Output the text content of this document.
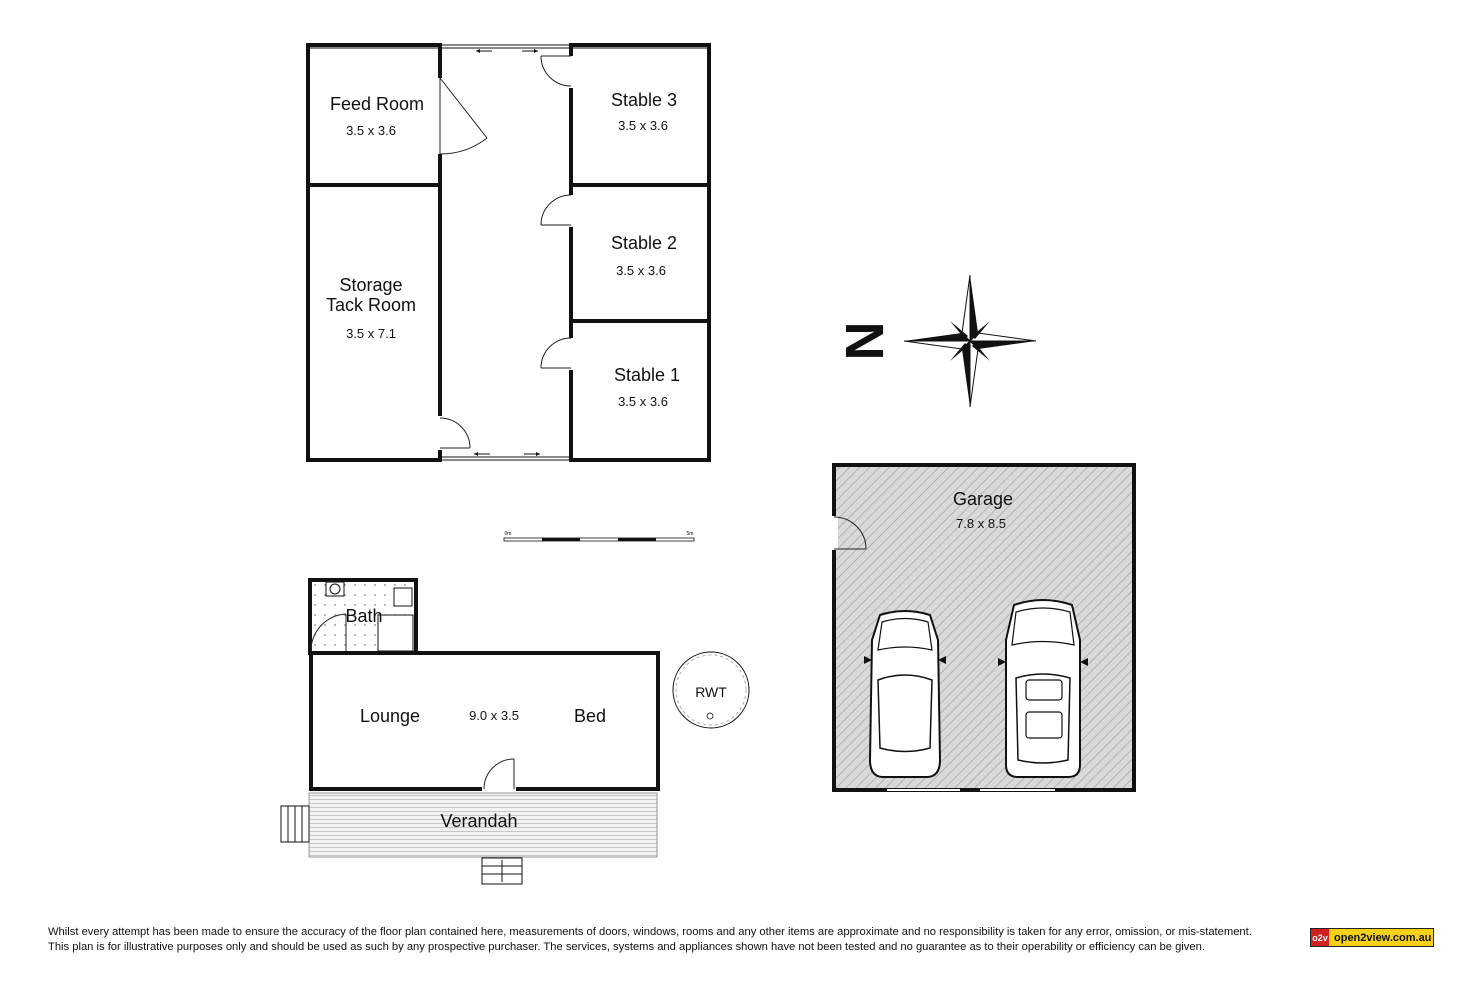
Feed Room
3.5 x 3.6
Stable 3
3.5 x 3.6
Stable 2
3.5 x 3.6
Stable 1
3.5 x 3.6
Storage
Tack Room
3.5 x 7.1	N
0m	5m
Garage
7.8 x 8.5
Bath
Lounge	9.0 x 3.5	Bed
Verandah
RWT
Whilst every attempt has been made to ensure the accuracy of the floor plan contained here, measurements of doors, windows, rooms and any other items are approximate and no responsibility is taken for any error, omission, or mis-statement.
This plan is for illustrative purposes only and should be used as such by any prospective purchaser. The services, systems and appliances shown have not been tested and no guarantee as to their operability or efficiency can be given.
o2v open2view.com.au
